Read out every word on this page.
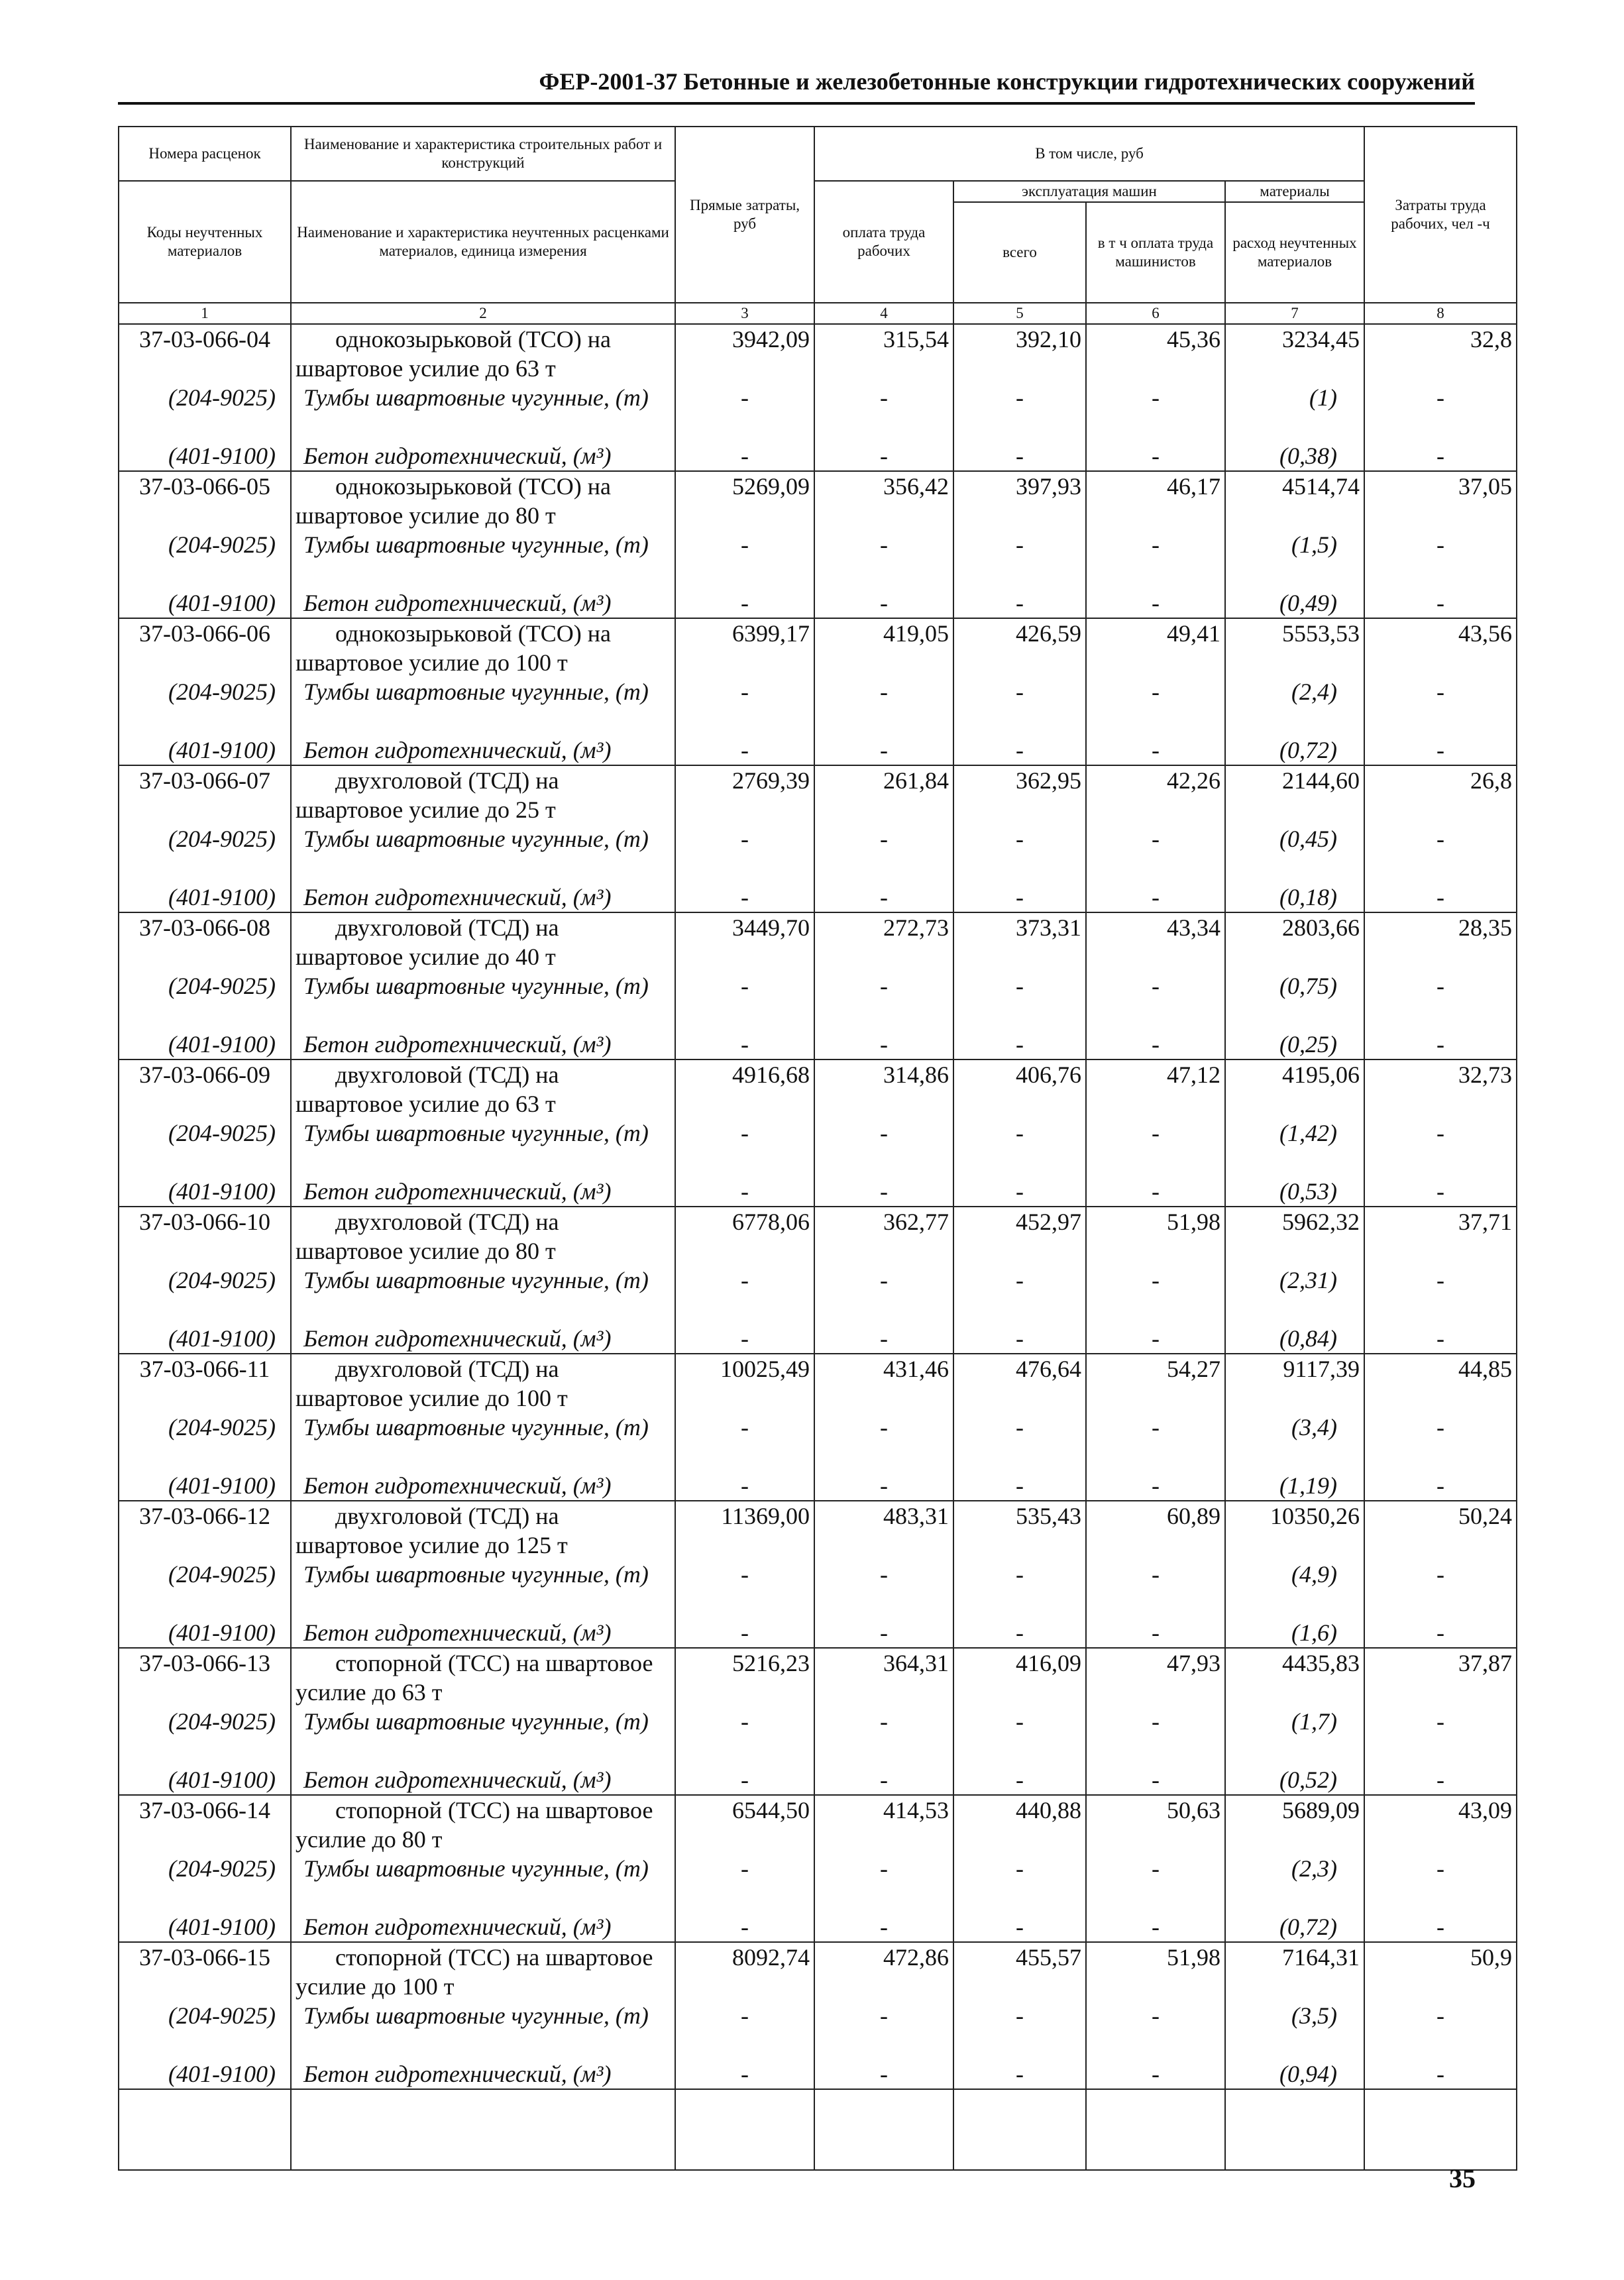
ФЕР-2001-37 Бетонные и железобетонные конструкции гидротехнических сооружений
Номера расценок	Наименование и характеристика строительных работ и конструкций	Прямые затраты, руб	В том числе, руб				Затраты труда рабочих, чел -ч
Коды неучтенных материалов	Наименование и характеристика неучтенных расценками материалов, единица измерения		оплата труда рабочих	эксплуатация машин		материалы	
				всего	в т ч оплата труда машинистов	расход неучтенных материалов	
1	2	3	4	5	6	7	8
37-03-066-04	однокозырьковой (ТСО) на швартовое усилие до 63 т	3942,09	315,54	392,10	45,36	3234,45	32,8
(204-9025)	Тумбы швартовные чугунные, (т)	-	-	-	-	(1)	-
(401-9100)	Бетон гидротехнический, (м³)	-	-	-	-	(0,38)	-
37-03-066-05	однокозырьковой (ТСО) на швартовое усилие до 80 т	5269,09	356,42	397,93	46,17	4514,74	37,05
(204-9025)	Тумбы швартовные чугунные, (т)	-	-	-	-	(1,5)	-
(401-9100)	Бетон гидротехнический, (м³)	-	-	-	-	(0,49)	-
37-03-066-06	однокозырьковой (ТСО) на швартовое усилие до 100 т	6399,17	419,05	426,59	49,41	5553,53	43,56
(204-9025)	Тумбы швартовные чугунные, (т)	-	-	-	-	(2,4)	-
(401-9100)	Бетон гидротехнический, (м³)	-	-	-	-	(0,72)	-
37-03-066-07	двухголовой (ТСД) на швартовое усилие до 25 т	2769,39	261,84	362,95	42,26	2144,60	26,8
(204-9025)	Тумбы швартовные чугунные, (т)	-	-	-	-	(0,45)	-
(401-9100)	Бетон гидротехнический, (м³)	-	-	-	-	(0,18)	-
37-03-066-08	двухголовой (ТСД) на швартовое усилие до 40 т	3449,70	272,73	373,31	43,34	2803,66	28,35
(204-9025)	Тумбы швартовные чугунные, (т)	-	-	-	-	(0,75)	-
(401-9100)	Бетон гидротехнический, (м³)	-	-	-	-	(0,25)	-
37-03-066-09	двухголовой (ТСД) на швартовое усилие до 63 т	4916,68	314,86	406,76	47,12	4195,06	32,73
(204-9025)	Тумбы швартовные чугунные, (т)	-	-	-	-	(1,42)	-
(401-9100)	Бетон гидротехнический, (м³)	-	-	-	-	(0,53)	-
37-03-066-10	двухголовой (ТСД) на швартовое усилие до 80 т	6778,06	362,77	452,97	51,98	5962,32	37,71
(204-9025)	Тумбы швартовные чугунные, (т)	-	-	-	-	(2,31)	-
(401-9100)	Бетон гидротехнический, (м³)	-	-	-	-	(0,84)	-
37-03-066-11	двухголовой (ТСД) на швартовое усилие до 100 т	10025,49	431,46	476,64	54,27	9117,39	44,85
(204-9025)	Тумбы швартовные чугунные, (т)	-	-	-	-	(3,4)	-
(401-9100)	Бетон гидротехнический, (м³)	-	-	-	-	(1,19)	-
37-03-066-12	двухголовой (ТСД) на швартовое усилие до 125 т	11369,00	483,31	535,43	60,89	10350,26	50,24
(204-9025)	Тумбы швартовные чугунные, (т)	-	-	-	-	(4,9)	-
(401-9100)	Бетон гидротехнический, (м³)	-	-	-	-	(1,6)	-
37-03-066-13	стопорной (ТСС) на швартовое усилие до 63 т	5216,23	364,31	416,09	47,93	4435,83	37,87
(204-9025)	Тумбы швартовные чугунные, (т)	-	-	-	-	(1,7)	-
(401-9100)	Бетон гидротехнический, (м³)	-	-	-	-	(0,52)	-
37-03-066-14	стопорной (ТСС) на швартовое усилие до 80 т	6544,50	414,53	440,88	50,63	5689,09	43,09
(204-9025)	Тумбы швартовные чугунные, (т)	-	-	-	-	(2,3)	-
(401-9100)	Бетон гидротехнический, (м³)	-	-	-	-	(0,72)	-
37-03-066-15	стопорной (ТСС) на швартовое усилие до 100 т	8092,74	472,86	455,57	51,98	7164,31	50,9
(204-9025)	Тумбы швартовные чугунные, (т)	-	-	-	-	(3,5)	-
(401-9100)	Бетон гидротехнический, (м³)	-	-	-	-	(0,94)	-

35
